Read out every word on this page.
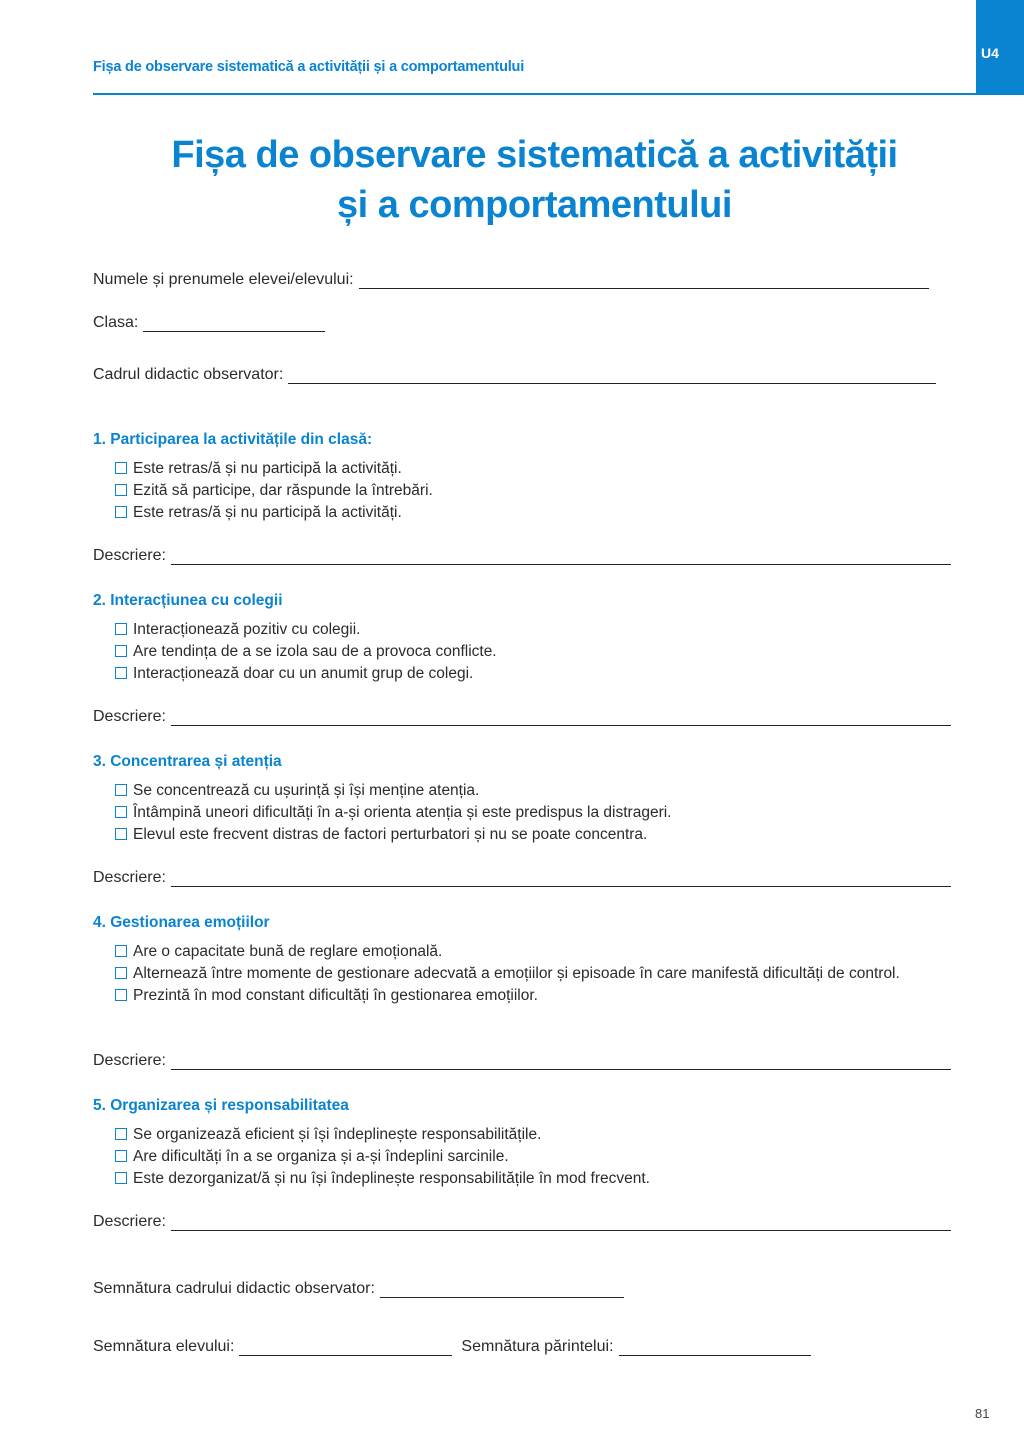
Fișa de observare sistematică a activității și a comportamentului
U4
Fișa de observare sistematică a activității
și a comportamentului
Numele și prenumele elevei/elevului:
Clasa:
Cadrul didactic observator:
1. Participarea la activitățile din clasă:
Este retras/ă și nu participă la activități.
Ezită să participe, dar răspunde la întrebări.
Este retras/ă și nu participă la activități.
Descriere:
2. Interacțiunea cu colegii
Interacționează pozitiv cu colegii.
Are tendința de a se izola sau de a provoca conflicte.
Interacționează doar cu un anumit grup de colegi.
Descriere:
3. Concentrarea și atenția
Se concentrează cu ușurință și își menține atenția.
Întâmpină uneori dificultăți în a-și orienta atenția și este predispus la distrageri.
Elevul este frecvent distras de factori perturbatori și nu se poate concentra.
Descriere:
4. Gestionarea emoțiilor
Are o capacitate bună de reglare emoțională.
Alternează între momente de gestionare adecvată a emoțiilor și episoade în care manifestă dificultăți de control.
Prezintă în mod constant dificultăți în gestionarea emoțiilor.
Descriere:
5. Organizarea și responsabilitatea
Se organizează eficient și își îndeplinește responsabilitățile.
Are dificultăți în a se organiza și a-și îndeplini sarcinile.
Este dezorganizat/ă și nu își îndeplinește responsabilitățile în mod frecvent.
Descriere:
Semnătura cadrului didactic observator:
Semnătura elevului:	Semnătura părintelui:
81
